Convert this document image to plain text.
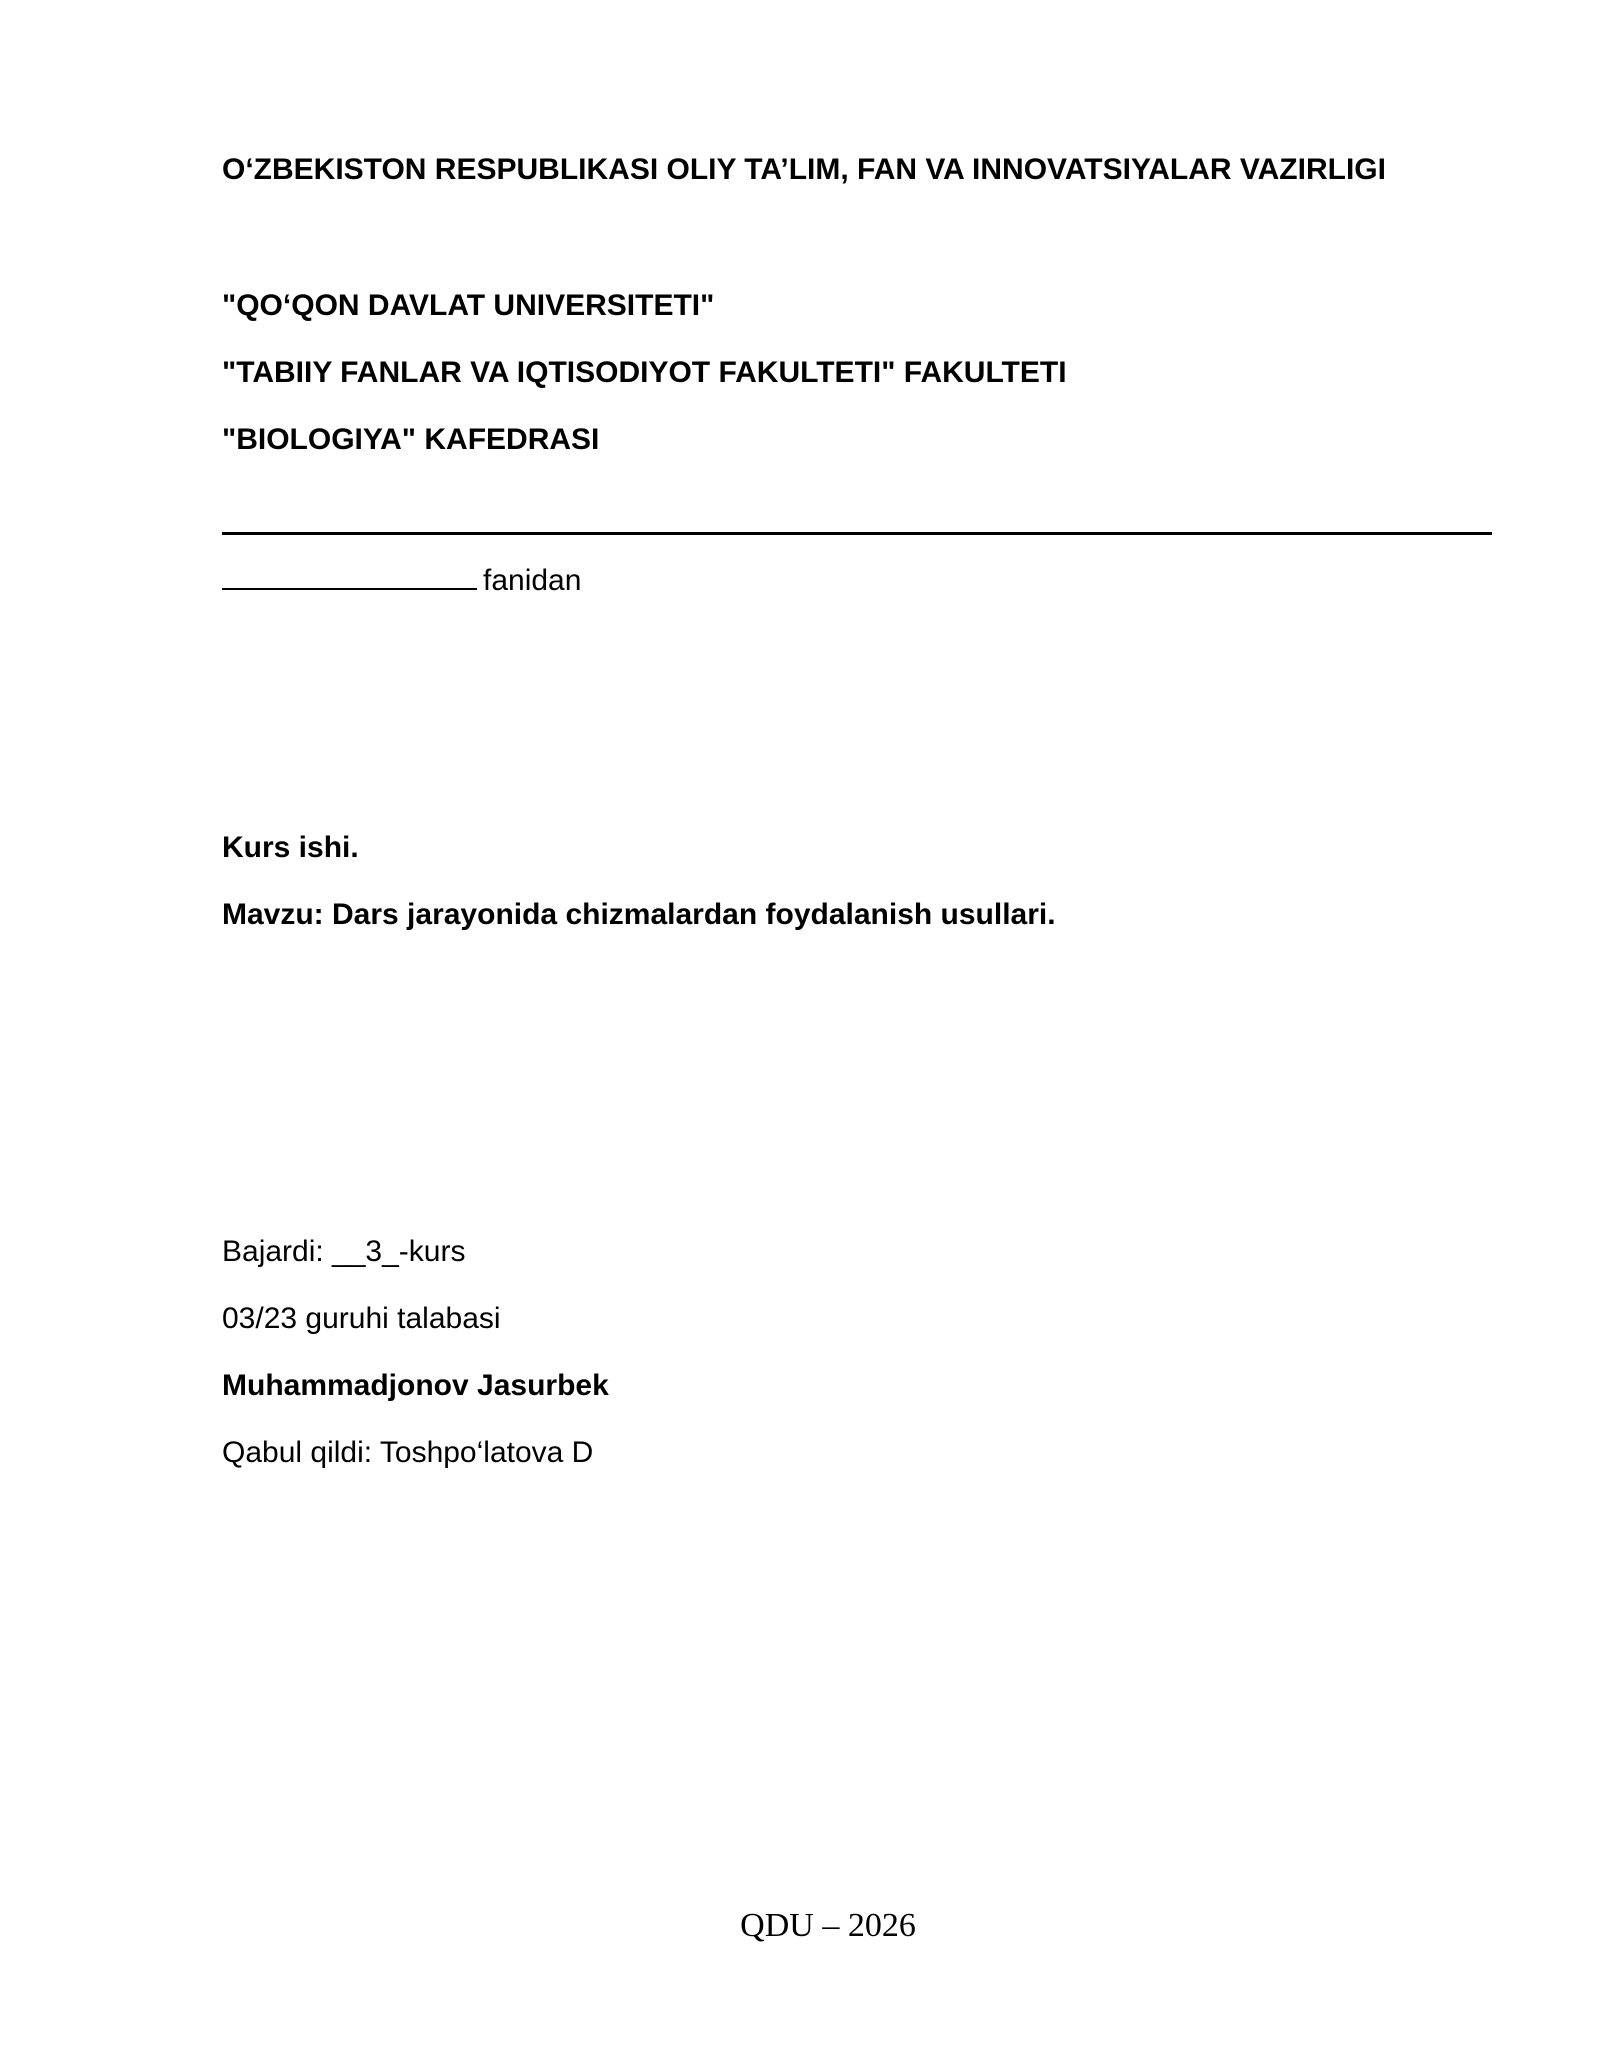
O‘ZBEKISTON RESPUBLIKASI OLIY TA’LIM, FAN VA INNOVATSIYALAR VAZIRLIGI
"QO‘QON DAVLAT UNIVERSITETI"
"TABIIY FANLAR VA IQTISODIYOT FAKULTETI" FAKULTETI
"BIOLOGIYA" KAFEDRASI
fanidan
Kurs ishi.
Mavzu: Dars jarayonida chizmalardan foydalanish usullari.
Bajardi: __3_-kurs
03/23 guruhi talabasi
Muhammadjonov Jasurbek
Qabul qildi: Toshpo‘latova D
QDU – 2026
